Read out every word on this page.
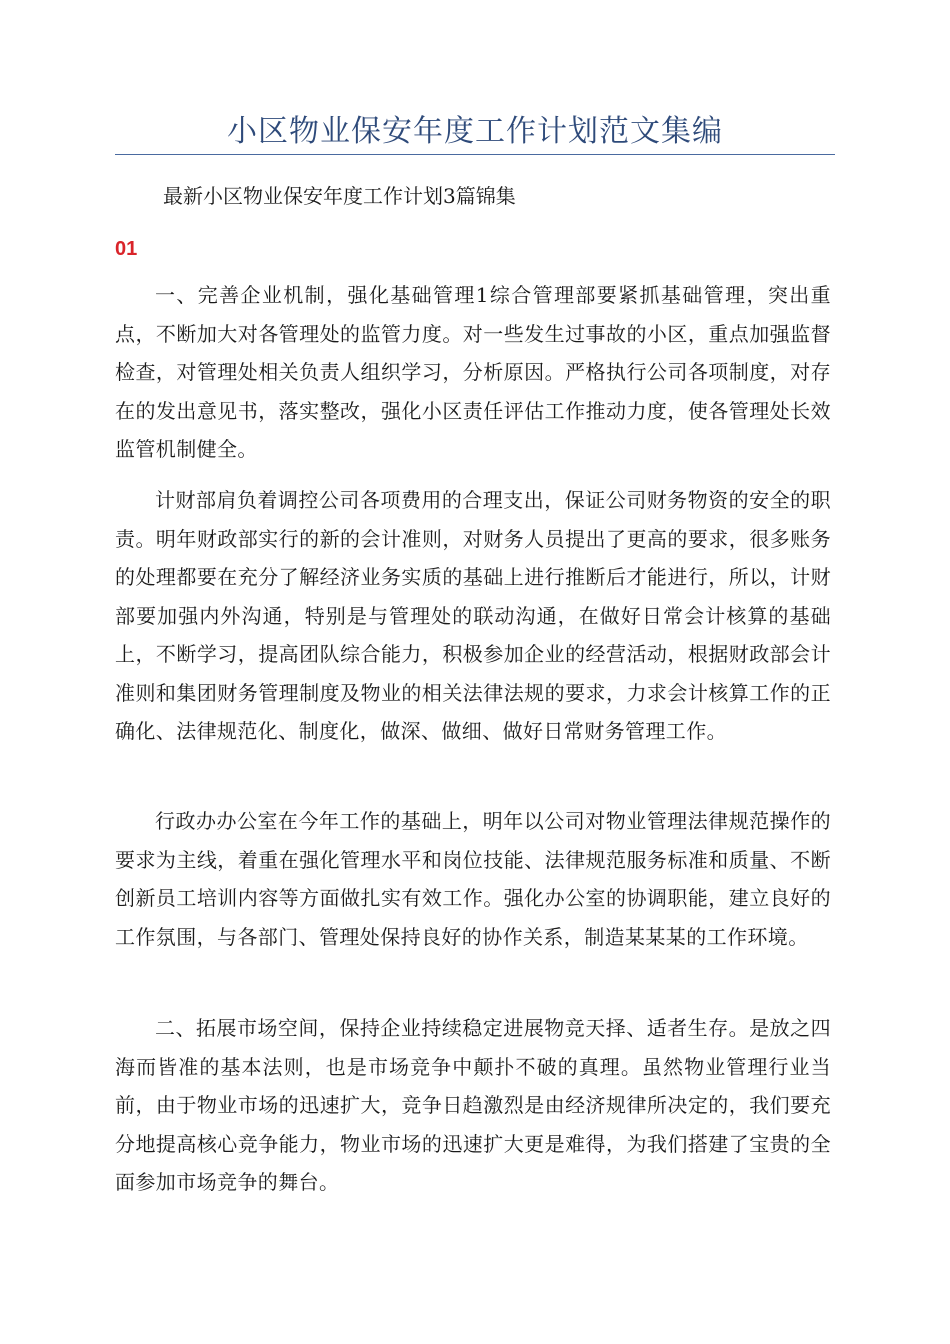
小区物业保安年度工作计划范文集编

最新小区物业保安年度工作计划3篇锦集

01

一、完善企业机制，强化基础管理1综合管理部要紧抓基础管理，突出重点，不断加大对各管理处的监管力度。对一些发生过事故的小区，重点加强监督检查，对管理处相关负责人组织学习，分析原因。严格执行公司各项制度，对存在的发出意见书，落实整改，强化小区责任评估工作推动力度，使各管理处长效监管机制健全。

计财部肩负着调控公司各项费用的合理支出，保证公司财务物资的安全的职责。明年财政部实行的新的会计准则，对财务人员提出了更高的要求，很多账务的处理都要在充分了解经济业务实质的基础上进行推断后才能进行，所以，计财部要加强内外沟通，特别是与管理处的联动沟通，在做好日常会计核算的基础上，不断学习，提高团队综合能力，积极参加企业的经营活动，根据财政部会计准则和集团财务管理制度及物业的相关法律法规的要求，力求会计核算工作的正确化、法律规范化、制度化，做深、做细、做好日常财务管理工作。

行政办办公室在今年工作的基础上，明年以公司对物业管理法律规范操作的要求为主线，着重在强化管理水平和岗位技能、法律规范服务标准和质量、不断创新员工培训内容等方面做扎实有效工作。强化办公室的协调职能，建立良好的工作氛围，与各部门、管理处保持良好的协作关系，制造某某某的工作环境。

二、拓展市场空间，保持企业持续稳定进展物竞天择、适者生存。是放之四海而皆准的基本法则，也是市场竞争中颠扑不破的真理。虽然物业管理行业当前，由于物业市场的迅速扩大，竞争日趋激烈是由经济规律所决定的，我们要充分地提高核心竞争能力，物业市场的迅速扩大更是难得，为我们搭建了宝贵的全面参加市场竞争的舞台。
